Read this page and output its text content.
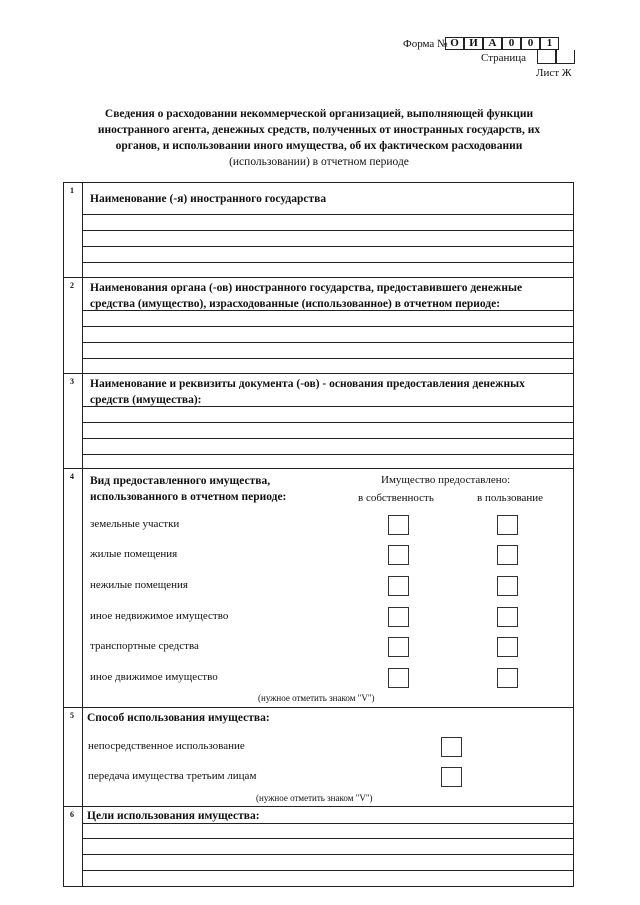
Форма № О И А	0	0	1
Страница
Лист Ж
Сведения о расходовании некоммерческой организацией, выполняющей функции
иностранного агента, денежных средств, полученных от иностранных государств, их
органов, и использовании иного имущества, об их фактическом расходовании
(использовании) в отчетном периоде
1
Наименование (-я) иностранного государства
2 Наименования органа (-ов) иностранного государства, предоставившего денежные
средства (имущество), израсходованные (использованное) в отчетном периоде:
3 Наименование и реквизиты документа (-ов) - основания предоставления денежных
средств (имущества):
4 Вид предоставленного имущества,
использованного в отчетном периоде:
Имущество предоставлено:
в собственность	в пользование
земельные участки
жилые помещения
нежилые помещения
иное недвижимое имущество
транспортные средства
иное движимое имущество
(нужное отметить знаком "V")
5 Способ использования имущества:
непосредственное использование
передача имущества третьим лицам
(нужное отметить знаком "V")
6 Цели использования имущества:
